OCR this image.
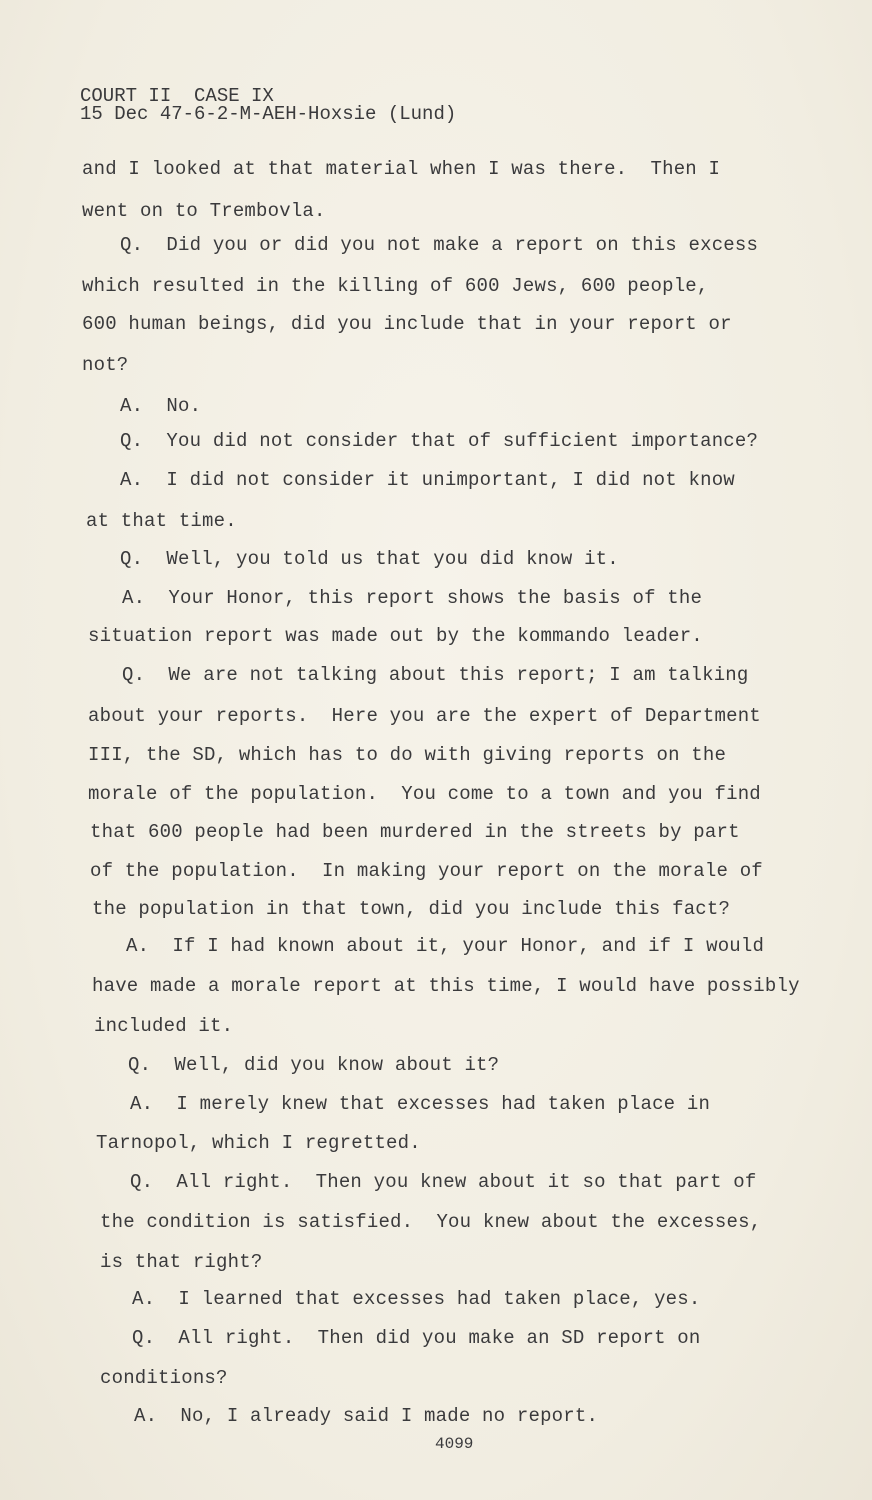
COURT II  CASE IX
15 Dec 47-6-2-M-AEH-Hoxsie (Lund)
and I looked at that material when I was there.  Then I
went on to Trembovla.
Q.  Did you or did you not make a report on this excess
which resulted in the killing of 600 Jews, 600 people,
600 human beings, did you include that in your report or
not?
A.  No.
Q.  You did not consider that of sufficient importance?
A.  I did not consider it unimportant, I did not know
at that time.
Q.  Well, you told us that you did know it.
A.  Your Honor, this report shows the basis of the
situation report was made out by the kommando leader.
Q.  We are not talking about this report; I am talking
about your reports.  Here you are the expert of Department
III, the SD, which has to do with giving reports on the
morale of the population.  You come to a town and you find
that 600 people had been murdered in the streets by part
of the population.  In making your report on the morale of
the population in that town, did you include this fact?
A.  If I had known about it, your Honor, and if I would
have made a morale report at this time, I would have possibly
included it.
Q.  Well, did you know about it?
A.  I merely knew that excesses had taken place in
Tarnopol, which I regretted.
Q.  All right.  Then you knew about it so that part of
the condition is satisfied.  You knew about the excesses,
is that right?
A.  I learned that excesses had taken place, yes.
Q.  All right.  Then did you make an SD report on
conditions?
A.  No, I already said I made no report.
4099
